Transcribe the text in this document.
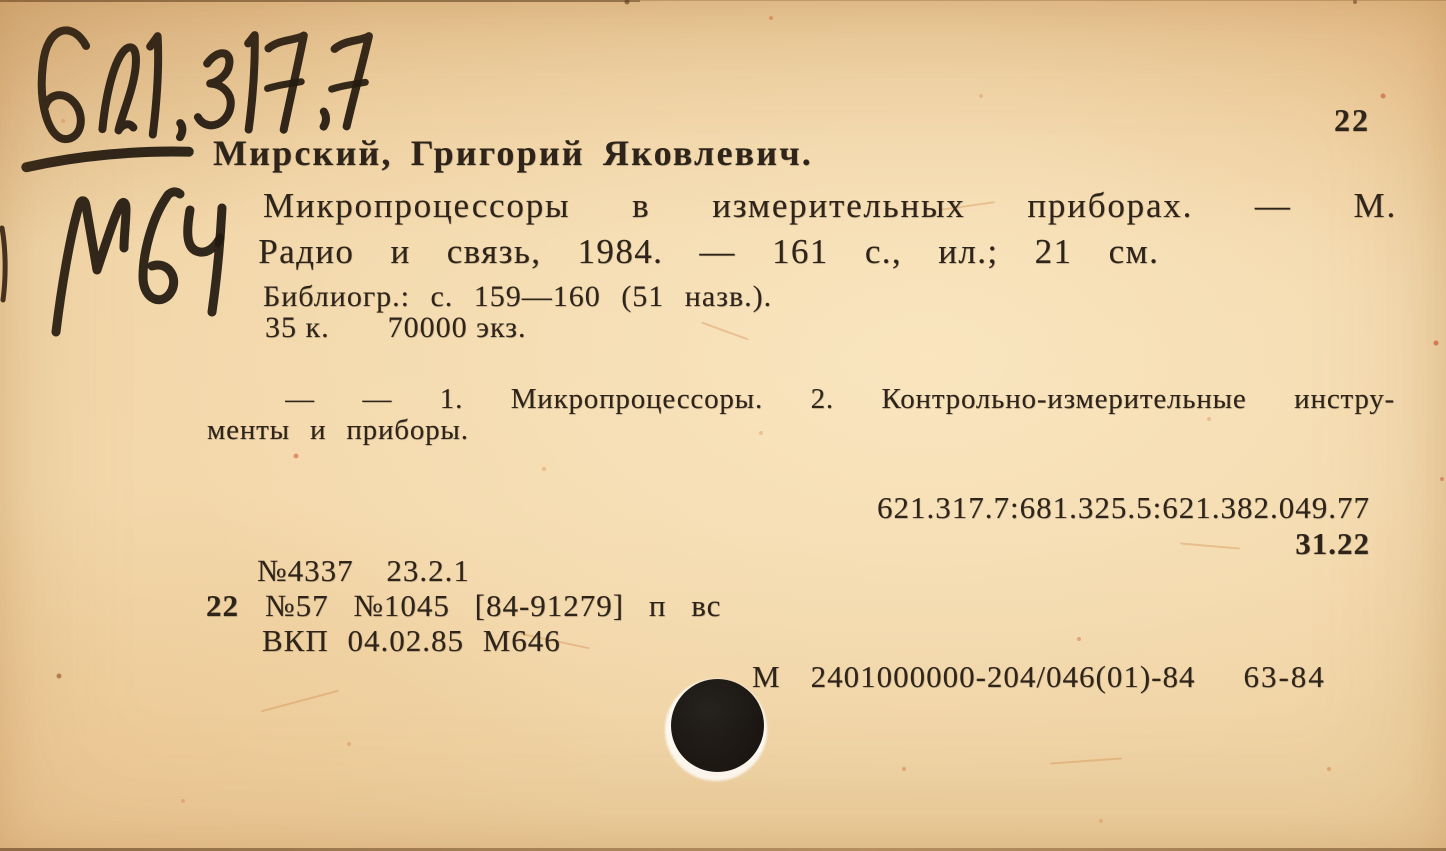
22
Мирский, Григорий Яковлевич.
Микропроцессоры в измерительных приборах. — М.
: Радио и связь, 1984. — 161 с., ил.; 21 см.
Библиогр.: с. 159—160 (51 назв.).
35 к. 70000 экз.
— — 1. Микропроцессоры. 2. Контрольно-измерительные инстру-
менты и приборы.
621.317.7:681.325.5:621.382.049.77
31.22
№4337 23.2.1
22 №57 №1045 [84-91279] п вс
ВКП 04.02.85 М646
М 2401000000-204/046(01)-84 63-84
